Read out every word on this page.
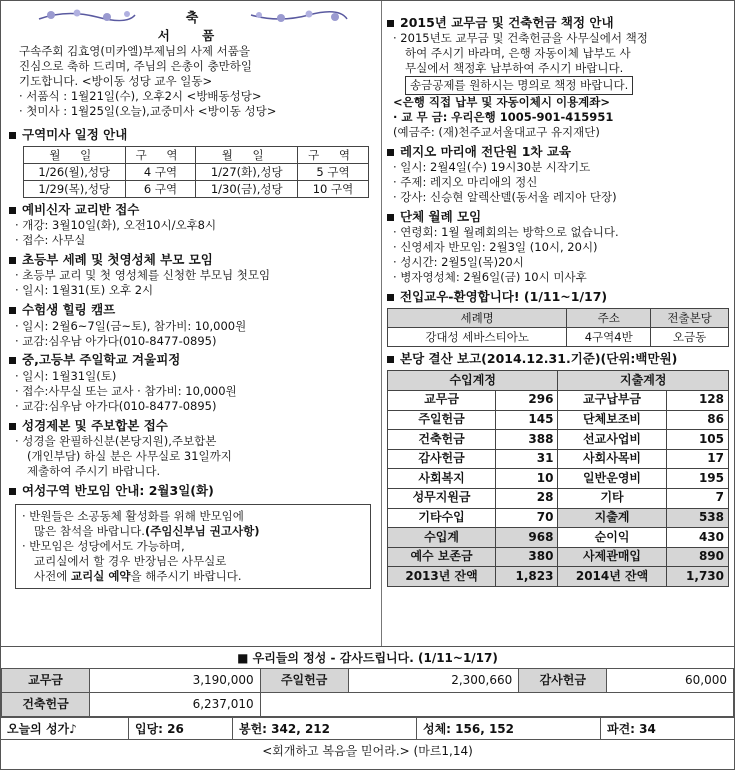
축
서 품
구속주회 김효영(미카엘)부제님의 사제 서품을
진심으로 축하 드리며, 주님의 은총이 충만하일
기도합니다. <방이동 성당 교우 일동>
· 서품식 : 1월21일(수), 오후2시 <방배동성당>
· 첫미사 : 1월25일(오늘),교중미사 <방이동 성당>
구역미사 일정 안내
월 일	구 역	월 일	구 역
1/26(월),성당	4 구역	1/27(화),성당	5 구역
1/29(목),성당	6 구역	1/30(금),성당	10 구역
예비신자 교리반 접수
· 개강: 3월10일(화), 오전10시/오후8시
· 접수: 사무실
초등부 세례 및 첫영성체 부모 모임
· 초등부 교리 및 첫 영성체를 신청한 부모님 첫모임
· 일시: 1월31(토) 오후 2시
수험생 힐링 캠프
· 일시: 2월6~7일(금~토), 참가비: 10,000원
· 교감:심우남 아가다(010-8477-0895)
중,고등부 주일학교 겨울피정
· 일시: 1월31일(토)
· 접수:사무실 또는 교사 · 참가비: 10,000원
· 교감:심우남 아가다(010-8477-0895)
성경제본 및 주보합본 접수
· 성경을 완필하신분(본당지원),주보합본
(개인부담) 하실 분은 사무실로 31일까지
제출하여 주시기 바랍니다.
여성구역 반모임 안내: 2월3일(화)
· 반원들은 소공동체 활성화를 위해 반모임에
많은 참석을 바랍니다.(주임신부님 권고사항)
· 반모임은 성당에서도 가능하며,
교리실에서 할 경우 반장님은 사무실로
사전에 교리실 예약을 해주시기 바랍니다.
2015년 교무금 및 건축헌금 책정 안내
· 2015년도 교무금 및 건축헌금을 사무실에서 책정
하여 주시기 바라며, 은행 자동이체 납부도 사
무실에서 책정후 납부하여 주시기 바랍니다.
송금공제를 원하시는 명의로 책정 바랍니다.
<은행 직접 납부 및 자동이체시 이용계좌>
· 교 무 금: 우리은행 1005-901-415951
(예금주: (재)천주교서울대교구 유지재단)
레지오 마리애 전단원 1차 교육
· 일시: 2월4일(수) 19시30분 시작기도
· 주제: 레지오 마리애의 정신
· 강사: 신승현 알렉산델(동서울 레지아 단장)
단체 월례 모임
· 연령회: 1월 월례회의는 방학으로 없습니다.
· 신영세자 반모임: 2월3일 (10시, 20시)
· 성시간: 2월5일(목)20시
· 병자영성체: 2월6일(금) 10시 미사후
전입교우-환영합니다! (1/11~1/17)
세례명	주소	전출본당
강대성 세바스티아노	4구역4반	오금동
본당 결산 보고(2014.12.31.기준)(단위:백만원)
수입계정		지출계정	
교무금	296	교구납부금	128
주일헌금	145	단체보조비	86
건축헌금	388	선교사업비	105
감사헌금	31	사회사목비	17
사회복지	10	일반운영비	195
성무지원금	28	기타	7
기타수입	70	지출계	538
수입계	968	순이익	430
예수 보존금	380	사제관매입	890
2013년 잔액	1,823	2014년 잔액	1,730
■ 우리들의 정성 - 감사드립니다. (1/11~1/17)
교무금	3,190,000	주일헌금	2,300,660	감사헌금	60,000
건축헌금	6,237,010				
오늘의 성가♪	입당: 26	봉헌: 342, 212	성체: 156, 152	파견: 34
<회개하고 복음을 믿어라.> (마르1,14)
